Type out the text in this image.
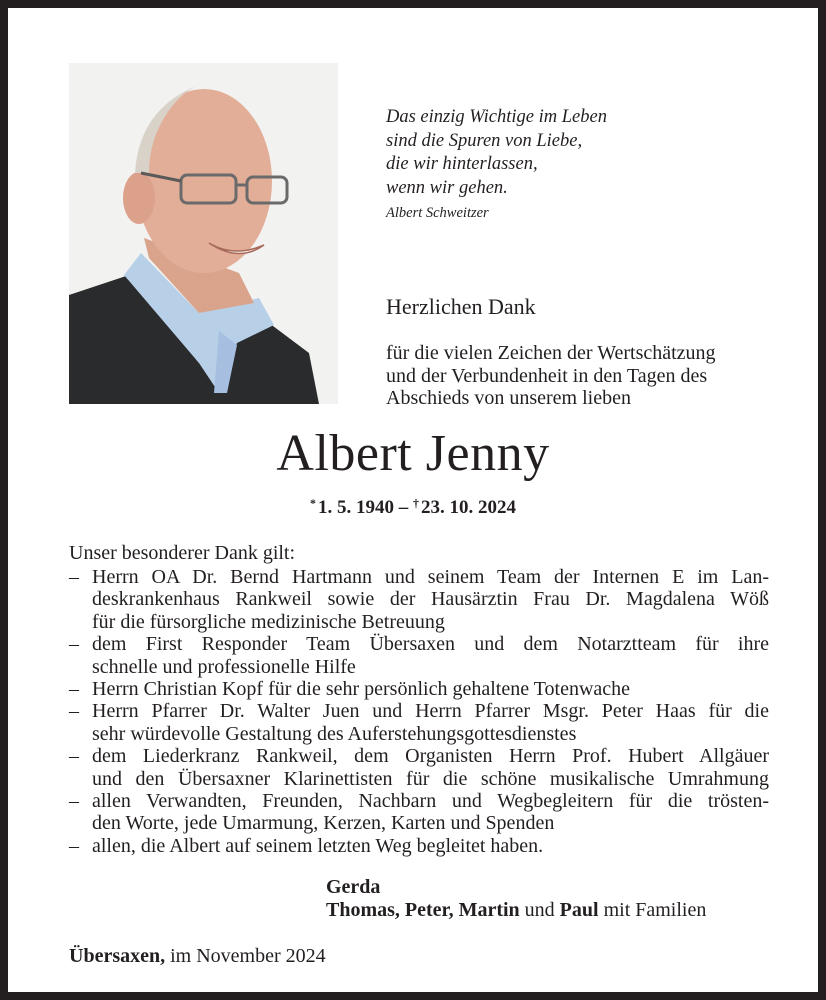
Das einzig Wichtige im Leben
sind die Spuren von Liebe,
die wir hinterlassen,
wenn wir gehen.
Albert Schweitzer
Herzlichen Dank
für die vielen Zeichen der Wertschätzung
und der Verbundenheit in den Tagen des
Abschieds von unserem lieben
Albert Jenny
* 1. 5. 1940 – † 23. 10. 2024
Unser besonderer Dank gilt:
– Herrn OA Dr. Bernd Hartmann und seinem Team der Internen E im Lan-
deskrankenhaus Rankweil sowie der Hausärztin Frau Dr. Magdalena Wöß
für die fürsorgliche medizinische Betreuung
– dem First Responder Team Übersaxen und dem Notarztteam für ihre
schnelle und professionelle Hilfe
– Herrn Christian Kopf für die sehr persönlich gehaltene Totenwache
– Herrn Pfarrer Dr. Walter Juen und Herrn Pfarrer Msgr. Peter Haas für die
sehr würdevolle Gestaltung des Auferstehungsgottesdienstes
– dem Liederkranz Rankweil, dem Organisten Herrn Prof. Hubert Allgäuer
und den Übersaxner Klarinettisten für die schöne musikalische Umrahmung
– allen Verwandten, Freunden, Nachbarn und Wegbegleitern für die trösten-
den Worte, jede Umarmung, Kerzen, Karten und Spenden
– allen, die Albert auf seinem letzten Weg begleitet haben.
Gerda
Thomas, Peter, Martin und Paul mit Familien
Übersaxen, im November 2024
